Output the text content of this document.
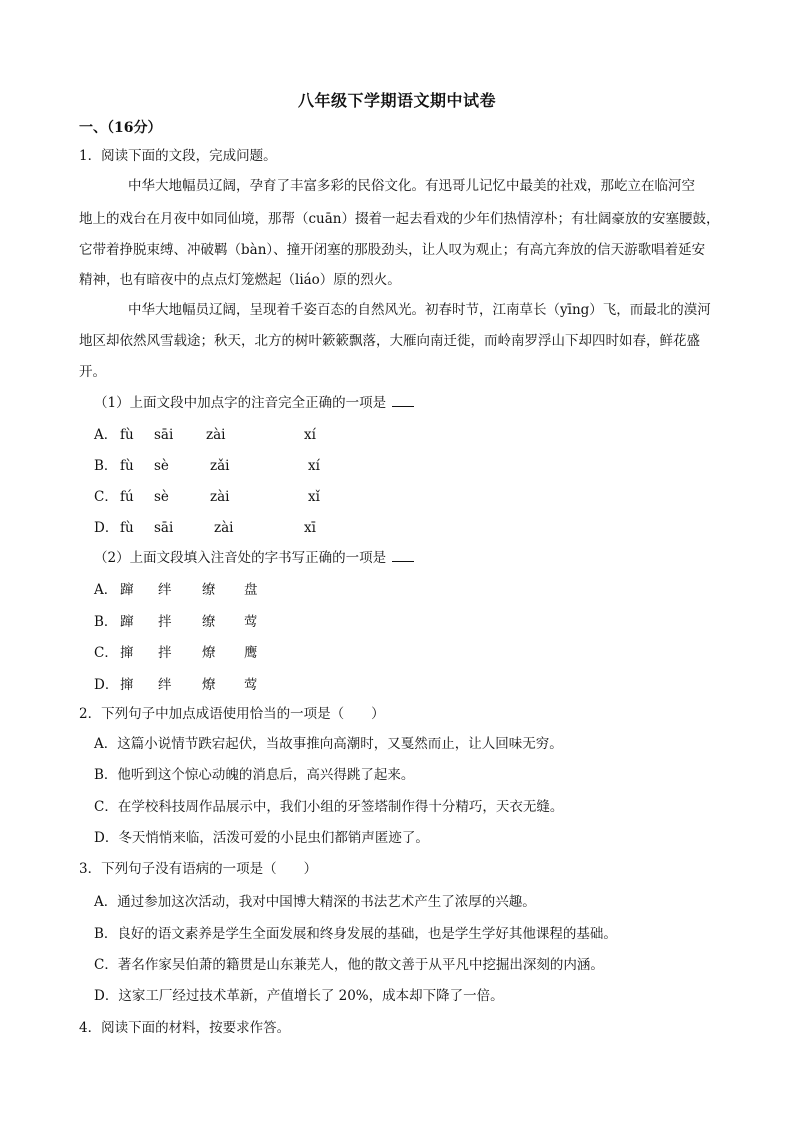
八年级下学期语文期中试卷
一、（16分）
1．阅读下面的文段，完成问题。
中华大地幅员辽阔，孕育了丰富多彩的民俗文化。有迅哥儿记忆中最美的社戏，那屹立在临河空
地上的戏台在月夜中如同仙境，那帮（cuān）掇着一起去看戏的少年们热情淳朴；有壮阔豪放的安塞腰鼓，
它带着挣脱束缚、冲破羁（bàn）、撞开闭塞的那股劲头，让人叹为观止；有高亢奔放的信天游歌唱着延安
精神，也有暗夜中的点点灯笼燃起（liáo）原的烈火。
中华大地幅员辽阔，呈现着千姿百态的自然风光。初春时节，江南草长（yīng）飞，而最北的漠河
地区却依然风雪载途；秋天，北方的树叶簌簌飘落，大雁向南迁徙，而岭南罗浮山下却四时如春，鲜花盛
开。
（1）上面文段中加点字的注音完全正确的一项是
A． fù sāi zài	xí
B． fù sè	zǎi	xí
C． fú sè	zài	xǐ
D． fù sāi	zài	xī
（2）上面文段填入注音处的字书写正确的一项是
A． 蹿 绊 缭 盘
B． 蹿 拌 缭 莺
C． 撺 拌 燎 鹰
D． 撺 绊 燎 莺
2．下列句子中加点成语使用恰当的一项是（　　）
A．这篇小说情节跌宕起伏，当故事推向高潮时，又戛然而止，让人回味无穷。
B．他听到这个惊心动魄的消息后，高兴得跳了起来。
C．在学校科技周作品展示中，我们小组的牙签塔制作得十分精巧，天衣无缝。
D．冬天悄悄来临，活泼可爱的小昆虫们都销声匿迹了。
3．下列句子没有语病的一项是（　　）
A．通过参加这次活动，我对中国博大精深的书法艺术产生了浓厚的兴趣。
B．良好的语文素养是学生全面发展和终身发展的基础，也是学生学好其他课程的基础。
C．著名作家吴伯萧的籍贯是山东兼芜人，他的散文善于从平凡中挖掘出深刻的内涵。
D．这家工厂经过技术革新，产值增长了 20%，成本却下降了一倍。
4．阅读下面的材料，按要求作答。
